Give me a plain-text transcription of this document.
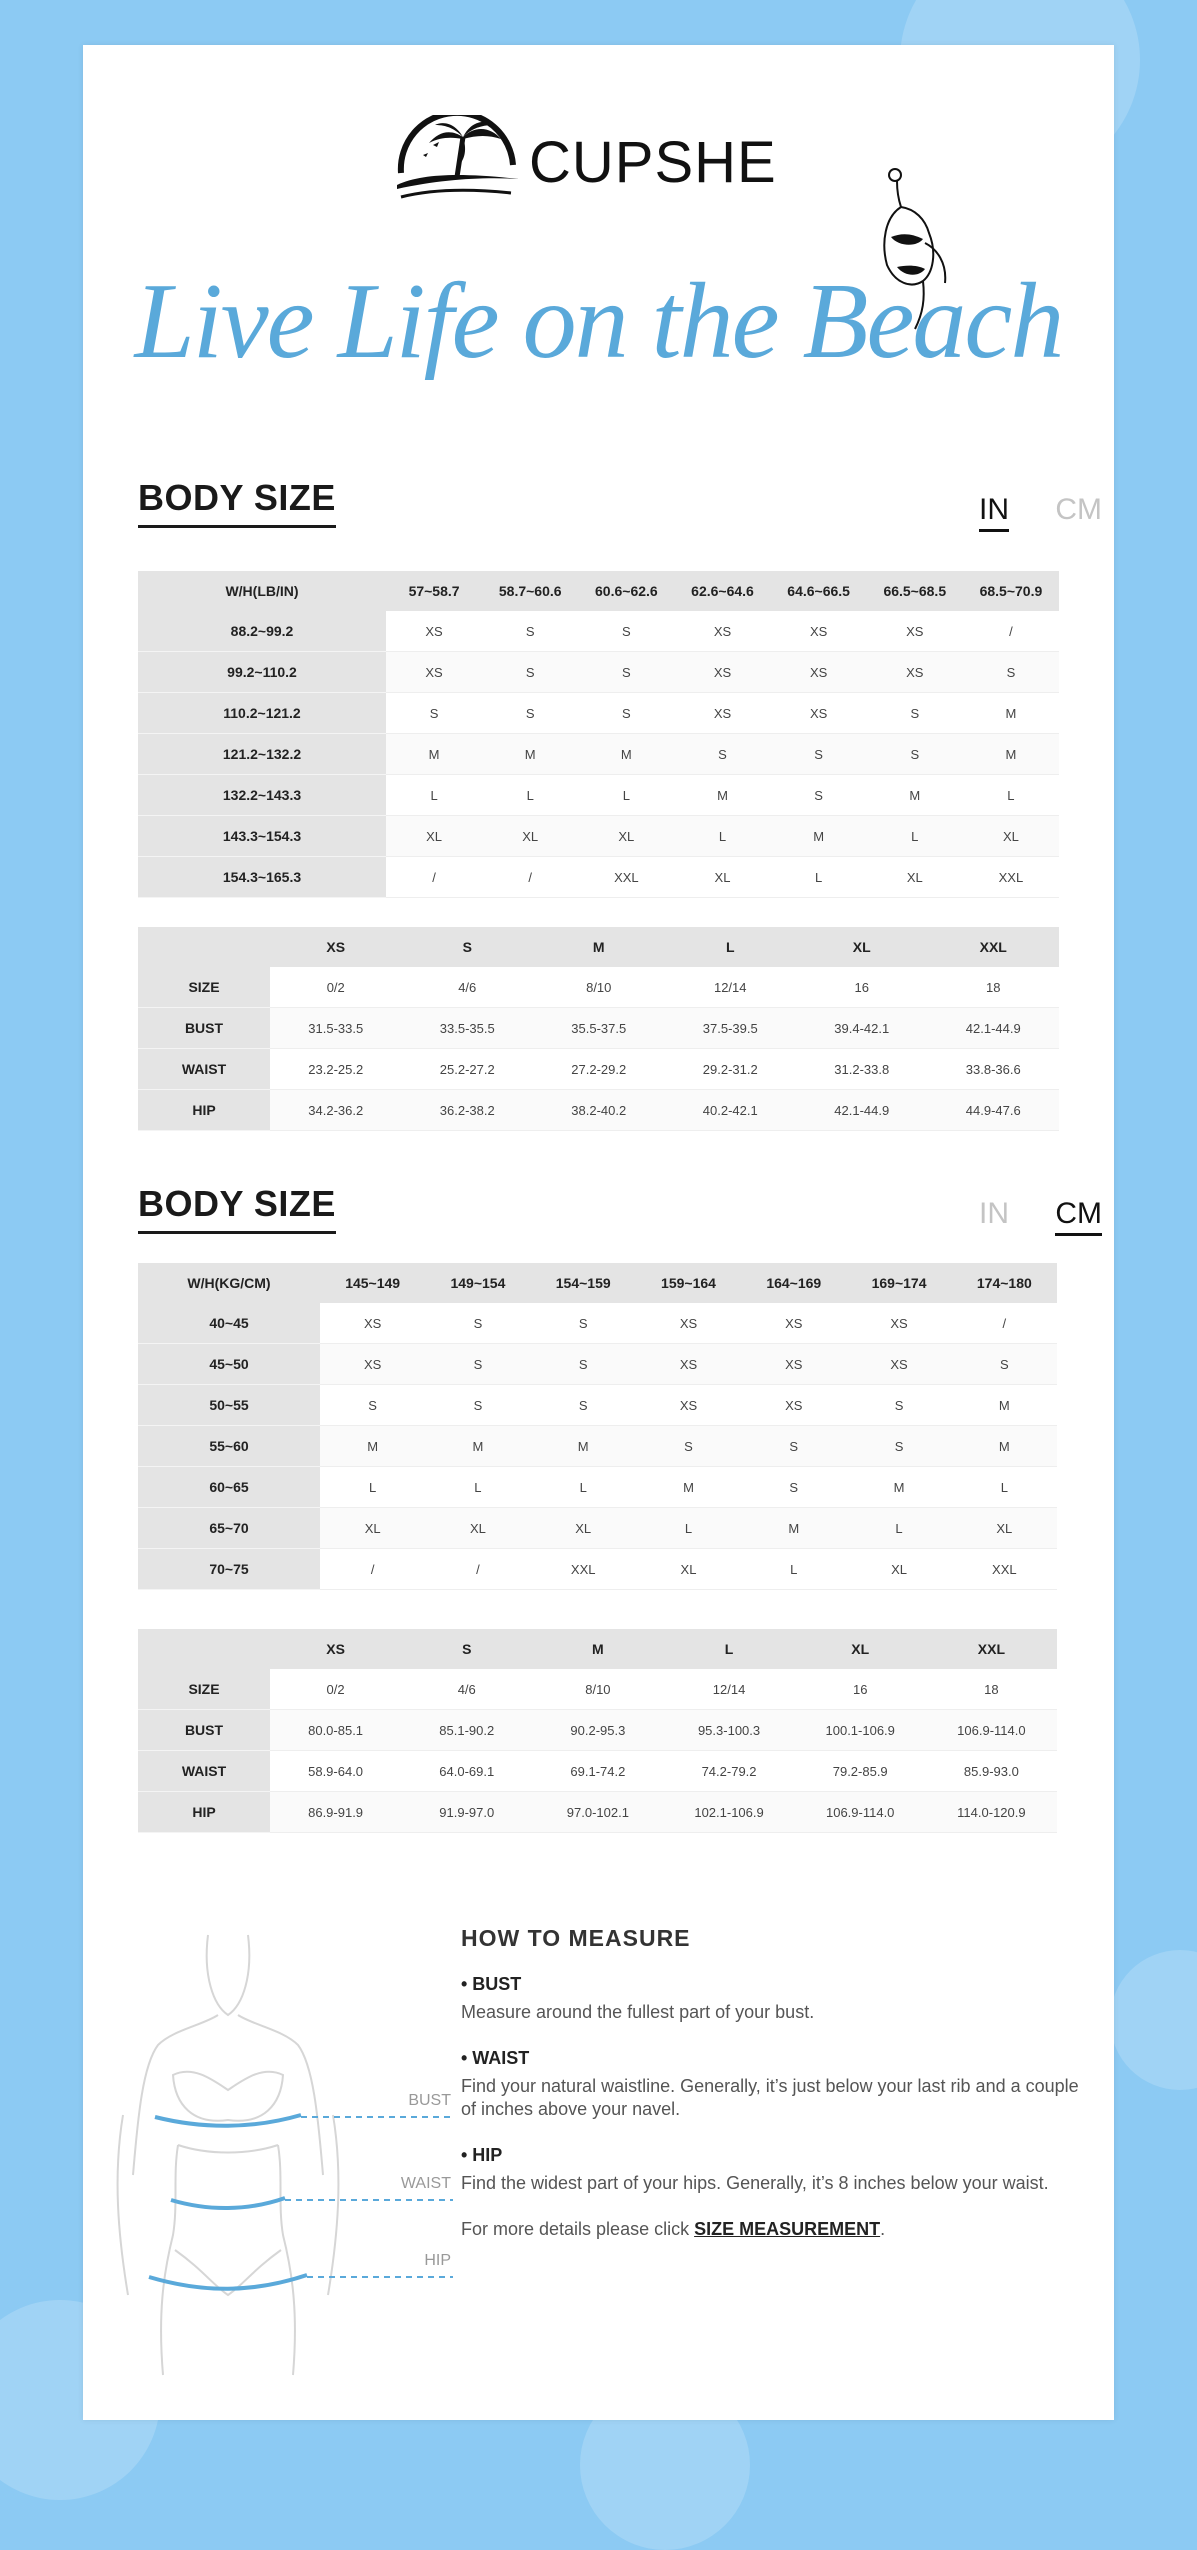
CUPSHE
Live Life on the Beach
BODY SIZE	IN CM
W/H(LB/IN)	57~58.7	58.7~60.6	60.6~62.6	62.6~64.6	64.6~66.5	66.5~68.5	68.5~70.9
88.2~99.2	XS	S	S	XS	XS	XS	/
99.2~110.2	XS	S	S	XS	XS	XS	S
110.2~121.2	S	S	S	XS	XS	S	M
121.2~132.2	M	M	M	S	S	S	M
132.2~143.3	L	L	L	M	S	M	L
143.3~154.3	XL	XL	XL	L	M	L	XL
154.3~165.3	/	/	XXL	XL	L	XL	XXL
	XS	S	M	L	XL	XXL
SIZE	0/2	4/6	8/10	12/14	16	18
BUST	31.5-33.5	33.5-35.5	35.5-37.5	37.5-39.5	39.4-42.1	42.1-44.9
WAIST	23.2-25.2	25.2-27.2	27.2-29.2	29.2-31.2	31.2-33.8	33.8-36.6
HIP	34.2-36.2	36.2-38.2	38.2-40.2	40.2-42.1	42.1-44.9	44.9-47.6
BODY SIZE	IN CM
W/H(KG/CM)	145~149	149~154	154~159	159~164	164~169	169~174	174~180
40~45	XS	S	S	XS	XS	XS	/
45~50	XS	S	S	XS	XS	XS	S
50~55	S	S	S	XS	XS	S	M
55~60	M	M	M	S	S	S	M
60~65	L	L	L	M	S	M	L
65~70	XL	XL	XL	L	M	L	XL
70~75	/	/	XXL	XL	L	XL	XXL
	XS	S	M	L	XL	XXL
SIZE	0/2	4/6	8/10	12/14	16	18
BUST	80.0-85.1	85.1-90.2	90.2-95.3	95.3-100.3	100.1-106.9	106.9-114.0
WAIST	58.9-64.0	64.0-69.1	69.1-74.2	74.2-79.2	79.2-85.9	85.9-93.0
HIP	86.9-91.9	91.9-97.0	97.0-102.1	102.1-106.9	106.9-114.0	114.0-120.9
BUST
WAIST
HIP
HOW TO MEASURE
• BUST
Measure around the fullest part of your bust.
• WAIST
Find your natural waistline. Generally, it’s just below your last rib and a couple of inches above your navel.
• HIP
Find the widest part of your hips. Generally, it’s 8 inches below your waist.
For more details please click SIZE MEASUREMENT.
